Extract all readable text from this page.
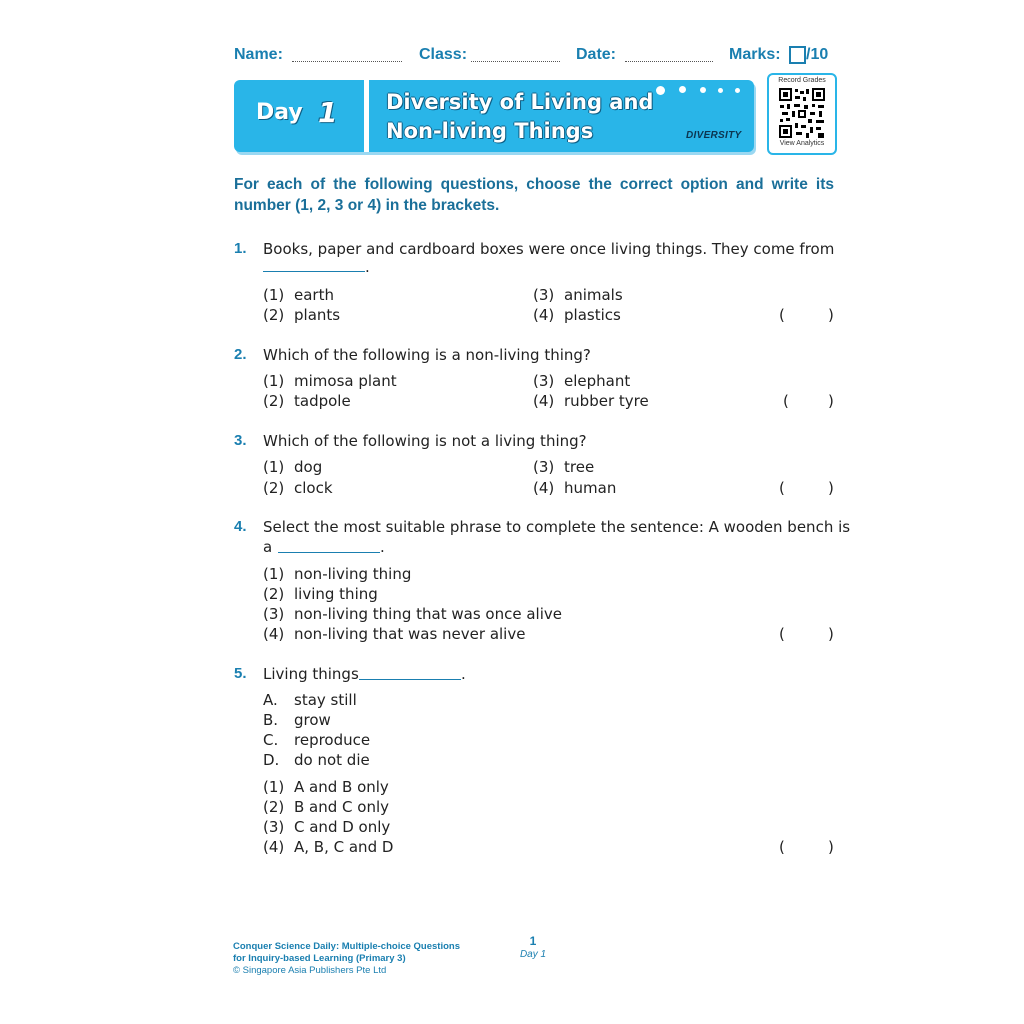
Name:	Class:	Date:	Marks: /10
Day 1 Diversity of Living and
Non-living Things	DIVERSITY
Record Grades
View Analytics
For each of the following questions, choose the correct option and write its number (1, 2, 3 or 4) in the brackets.
1. Books, paper and cardboard boxes were once living things. They come from
.
(1) earth
(2) plants
(3) animals
(4) plastics	(	)
2. Which of the following is a non-living thing?
(1) mimosa plant
(2) tadpole
(3) elephant
(4) rubber tyre	(	)
3. Which of the following is not a living thing?
(1) dog
(2) clock
(3) tree
(4) human	(	)
4. Select the most suitable phrase to complete the sentence: A wooden bench is
a	.
(1) non-living thing
(2) living thing
(3) non-living thing that was once alive
(4) non-living that was never alive	(	)
5. Living things	.
A. stay still
B. grow
C. reproduce
D. do not die
(1) A and B only
(2) B and C only
(3) C and D only
(4) A, B, C and D	(	)
Conquer Science Daily: Multiple-choice Questions
for Inquiry-based Learning (Primary 3)
© Singapore Asia Publishers Pte Ltd
1
Day 1
